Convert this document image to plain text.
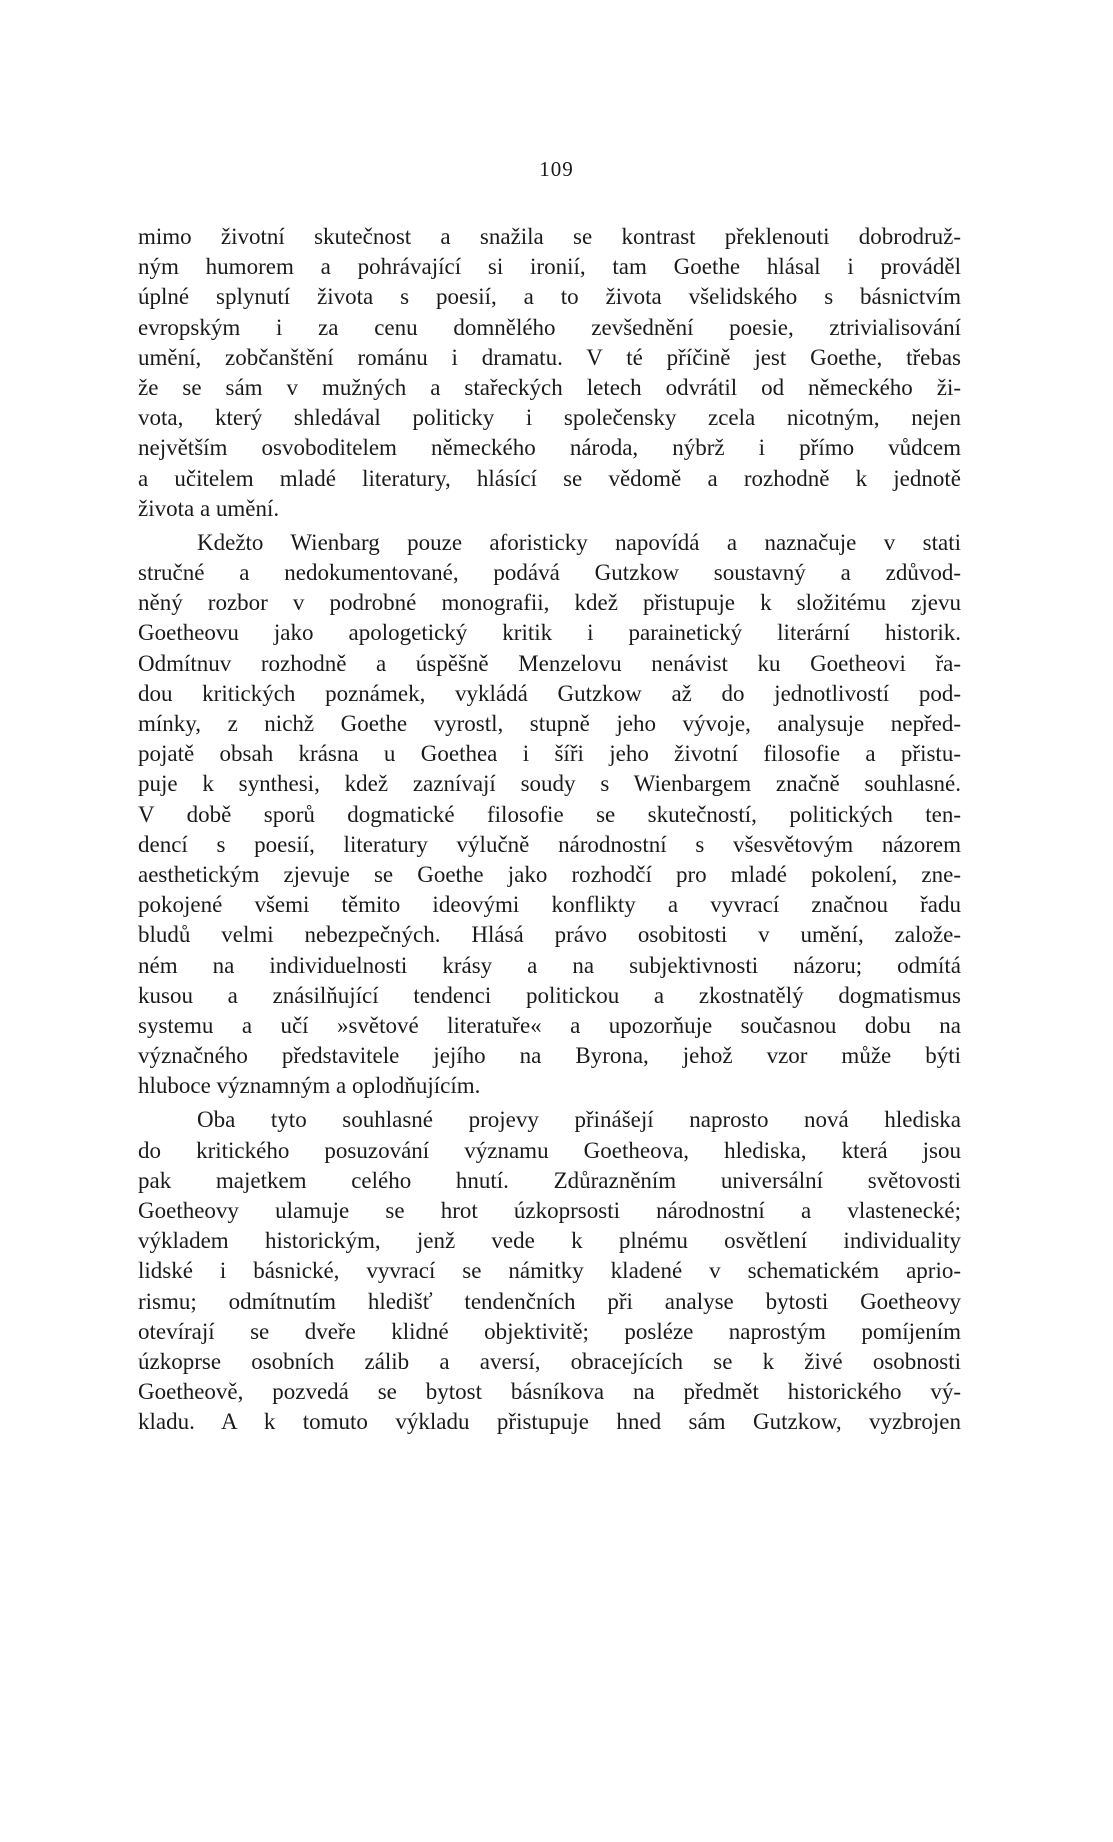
109
mimo životní skutečnost a snažila se kontrast překlenouti dobrodruž-
ným humorem a pohrávající si ironií, tam Goethe hlásal i prováděl
úplné splynutí života s poesií, a to života všelidského s básnictvím
evropským i za cenu domnělého zevšednění poesie, ztrivialisování
umění, zobčanštění románu i dramatu. V té příčině jest Goethe, třebas
že se sám v mužných a stařeckých letech odvrátil od německého ži-
vota, který shledával politicky i společensky zcela nicotným, nejen
největším osvoboditelem německého národa, nýbrž i přímo vůdcem
a učitelem mladé literatury, hlásící se vědomě a rozhodně k jednotě
života a umění.
Kdežto Wienbarg pouze aforisticky napovídá a naznačuje v stati
stručné a nedokumentované, podává Gutzkow soustavný a zdůvod-
něný rozbor v podrobné monografii, kdež přistupuje k složitému zjevu
Goetheovu jako apologetický kritik i parainetický literární historik.
Odmítnuv rozhodně a úspěšně Menzelovu nenávist ku Goetheovi řa-
dou kritických poznámek, vykládá Gutzkow až do jednotlivostí pod-
mínky, z nichž Goethe vyrostl, stupně jeho vývoje, analysuje nepřed-
pojatě obsah krásna u Goethea i šíři jeho životní filosofie a přistu-
puje k synthesi, kdež zaznívají soudy s Wienbargem značně souhlasné.
V době sporů dogmatické filosofie se skutečností, politických ten-
dencí s poesií, literatury výlučně národnostní s všesvětovým názorem
aesthetickým zjevuje se Goethe jako rozhodčí pro mladé pokolení, zne-
pokojené všemi těmito ideovými konflikty a vyvrací značnou řadu
bludů velmi nebezpečných. Hlásá právo osobitosti v umění, založe-
ném na individuelnosti krásy a na subjektivnosti názoru; odmítá
kusou a znásilňující tendenci politickou a zkostnatělý dogmatismus
systemu a učí »světové literatuře« a upozorňuje současnou dobu na
význačného představitele jejího na Byrona, jehož vzor může býti
hluboce významným a oplodňujícím.
Oba tyto souhlasné projevy přinášejí naprosto nová hlediska
do kritického posuzování významu Goetheova, hlediska, která jsou
pak majetkem celého hnutí. Zdůrazněním universální světovosti
Goetheovy ulamuje se hrot úzkoprsosti národnostní a vlastenecké;
výkladem historickým, jenž vede k plnému osvětlení individuality
lidské i básnické, vyvrací se námitky kladené v schematickém aprio-
rismu; odmítnutím hledišť tendenčních při analyse bytosti Goetheovy
otevírají se dveře klidné objektivitě; posléze naprostým pomíjením
úzkoprse osobních zálib a aversí, obracejících se k živé osobnosti
Goetheově, pozvedá se bytost básníkova na předmět historického vý-
kladu. A k tomuto výkladu přistupuje hned sám Gutzkow, vyzbrojen
